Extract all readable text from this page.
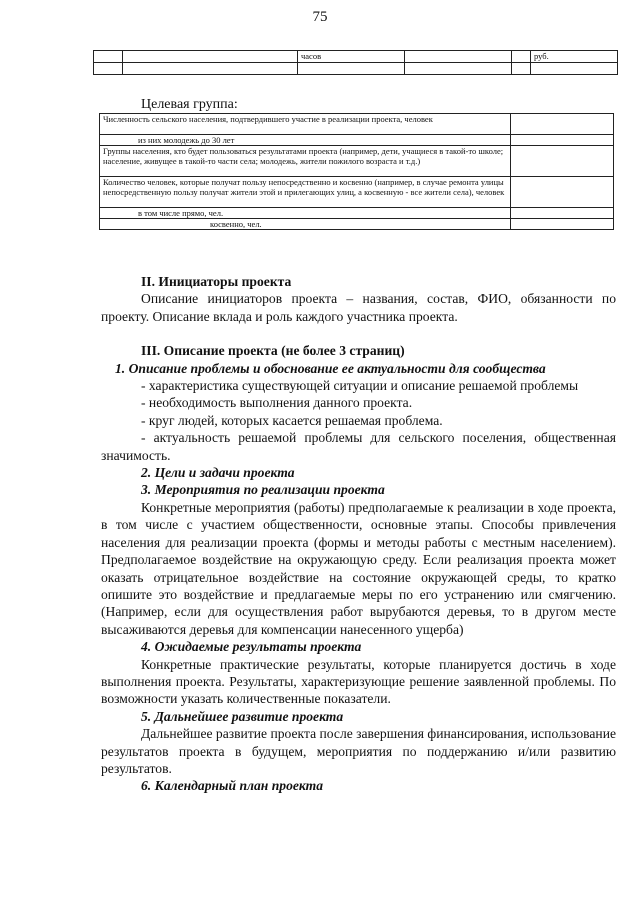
75
		часов			руб.

Целевая группа:
Численность сельского населения, подтвердившего участие в реализации проекта, человек	
из них молодежь до 30 лет	
Группы населения, кто будет пользоваться результатами проекта (например, дети, учащиеся в такой-то школе; население, живущее в такой-то части села; молодежь, жители пожилого возраста и т.д.)	
Количество человек, которые получат пользу непосредственно и косвенно (например, в случае ремонта улицы непосредственную пользу получат жители этой и прилегающих улиц, а косвенную - все жители села), человек	
в том числе прямо, чел.	
косвенно, чел.	

II. Инициаторы проекта

Описание инициаторов проекта – названия, состав, ФИО, обязанности по проекту. Описание вклада и роль каждого участника проекта.

III. Описание проекта (не более 3 страниц)

1. Описание проблемы и обоснование ее актуальности для сообщества

- характеристика существующей ситуации и описание решаемой проблемы

- необходимость выполнения данного проекта.

- круг людей, которых касается решаемая проблема.

- актуальность решаемой проблемы для сельского поселения, общественная значимость.

2. Цели и задачи проекта

3. Мероприятия по реализации проекта

Конкретные мероприятия (работы) предполагаемые к реализации в ходе проекта, в том числе с участием общественности, основные этапы. Способы привлечения населения для реализации проекта (формы и методы работы с местным населением). Предполагаемое воздействие на окружающую среду. Если реализация проекта может оказать отрицательное воздействие на состояние окружающей среды, то кратко опишите это воздействие и предлагаемые меры по его устранению или смягчению. (Например, если для осуществления работ вырубаются деревья, то в другом месте высаживаются деревья для компенсации нанесенного ущерба)

4. Ожидаемые результаты проекта

Конкретные практические результаты, которые планируется достичь в ходе выполнения проекта. Результаты, характеризующие решение заявленной проблемы. По возможности указать количественные показатели.

5. Дальнейшее развитие проекта

Дальнейшее развитие проекта после завершения финансирования, использование результатов проекта в будущем, мероприятия по поддержанию и/или развитию результатов.

6. Календарный план проекта
